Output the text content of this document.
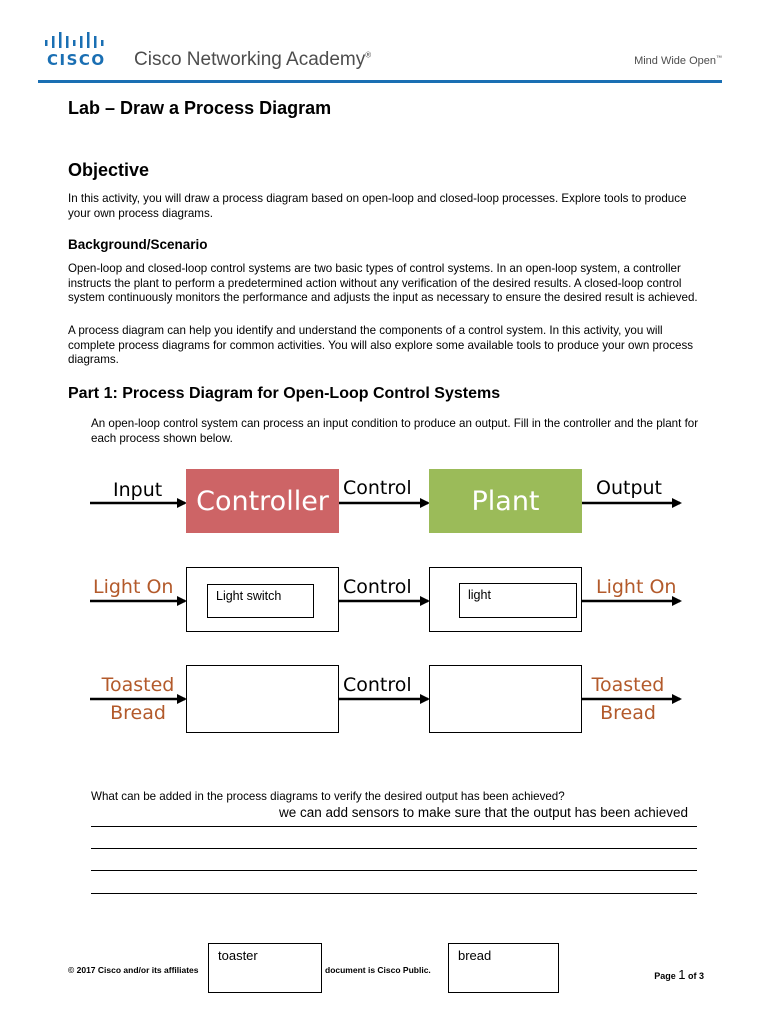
CISCO Cisco Networking Academy®	Mind Wide Open™
Lab – Draw a Process Diagram
Objective
In this activity, you will draw a process diagram based on open-loop and closed-loop processes. Explore tools to produce your own process diagrams.
Background/Scenario
Open-loop and closed-loop control systems are two basic types of control systems. In an open-loop system, a controller instructs the plant to perform a predetermined action without any verification of the desired results. A closed-loop control system continuously monitors the performance and adjusts the input as necessary to ensure the desired result is achieved.
A process diagram can help you identify and understand the components of a control system. In this activity, you will complete process diagrams for common activities. You will also explore some available tools to produce your own process diagrams.
Part 1: Process Diagram for Open-Loop Control Systems
An open-loop control system can process an input condition to produce an output. Fill in the controller and the plant for each process shown below.
Input	Controller Control	Plant	Output
Light On	Light switch	Control	light	Light On
Toasted
Bread
Control	Toasted
Bread
What can be added in the process diagrams to verify the desired output has been achieved?
we can add sensors to make sure that the output has been achieved
© 2017 Cisco and/or its affiliates	document is Cisco Public.
Page 1 of 3
toaster	bread
